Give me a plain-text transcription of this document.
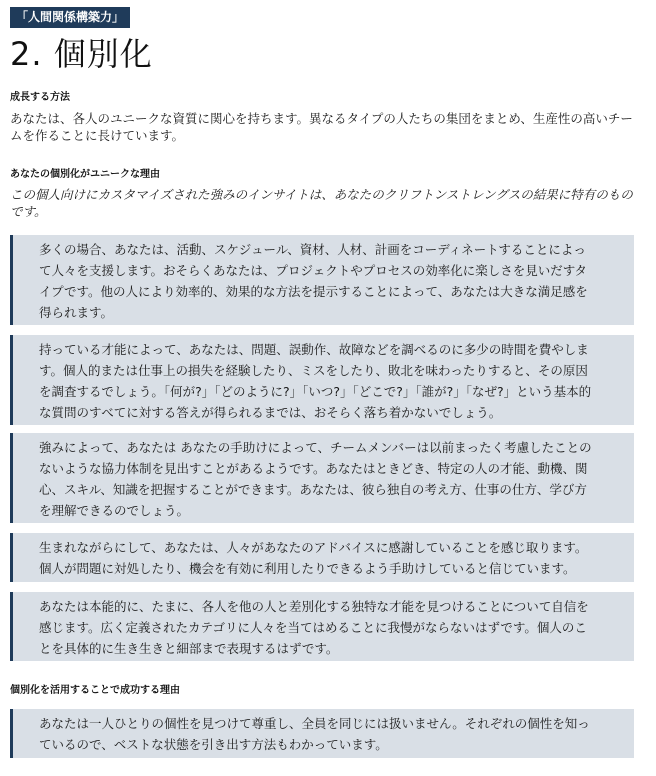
「人間関係構築力」
2. 個別化
成長する方法
あなたは、各人のユニークな資質に関心を持ちます。異なるタイプの人たちの集団をまとめ、生産性の高いチームを作ることに長けています。
あなたの個別化がユニークな理由
この個人向けにカスタマイズされた強みのインサイトは、あなたのクリフトンストレングスの結果に特有のものです。
多くの場合、あなたは、活動、スケジュール、資材、人材、計画をコーディネートすることによって人々を支援します。おそらくあなたは、プロジェクトやプロセスの効率化に楽しさを見いだすタイプです。他の人により効率的、効果的な方法を提示することによって、あなたは大きな満足感を得られます。
持っている才能によって、あなたは、問題、誤動作、故障などを調べるのに多少の時間を費やします。個人的または仕事上の損失を経験したり、ミスをしたり、敗北を味わったりすると、その原因を調査するでしょう。「何が?」「どのように?」「いつ?」「どこで?」「誰が?」「なぜ?」という基本的な質問のすべてに対する答えが得られるまでは、おそらく落ち着かないでしょう。
強みによって、あなたは あなたの手助けによって、チームメンバーは以前まったく考慮したことのないような協力体制を見出すことがあるようです。あなたはときどき、特定の人の才能、動機、関心、スキル、知識を把握することができます。あなたは、彼ら独自の考え方、仕事の仕方、学び方を理解できるのでしょう。
生まれながらにして、あなたは、人々があなたのアドバイスに感謝していることを感じ取ります。個人が問題に対処したり、機会を有効に利用したりできるよう手助けしていると信じています。
あなたは本能的に、たまに、各人を他の人と差別化する独特な才能を見つけることについて自信を感じます。広く定義されたカテゴリに人々を当てはめることに我慢がならないはずです。個人のことを具体的に生き生きと細部まで表現するはずです。
個別化を活用することで成功する理由
あなたは一人ひとりの個性を見つけて尊重し、全員を同じには扱いません。それぞれの個性を知っているので、ベストな状態を引き出す方法もわかっています。
